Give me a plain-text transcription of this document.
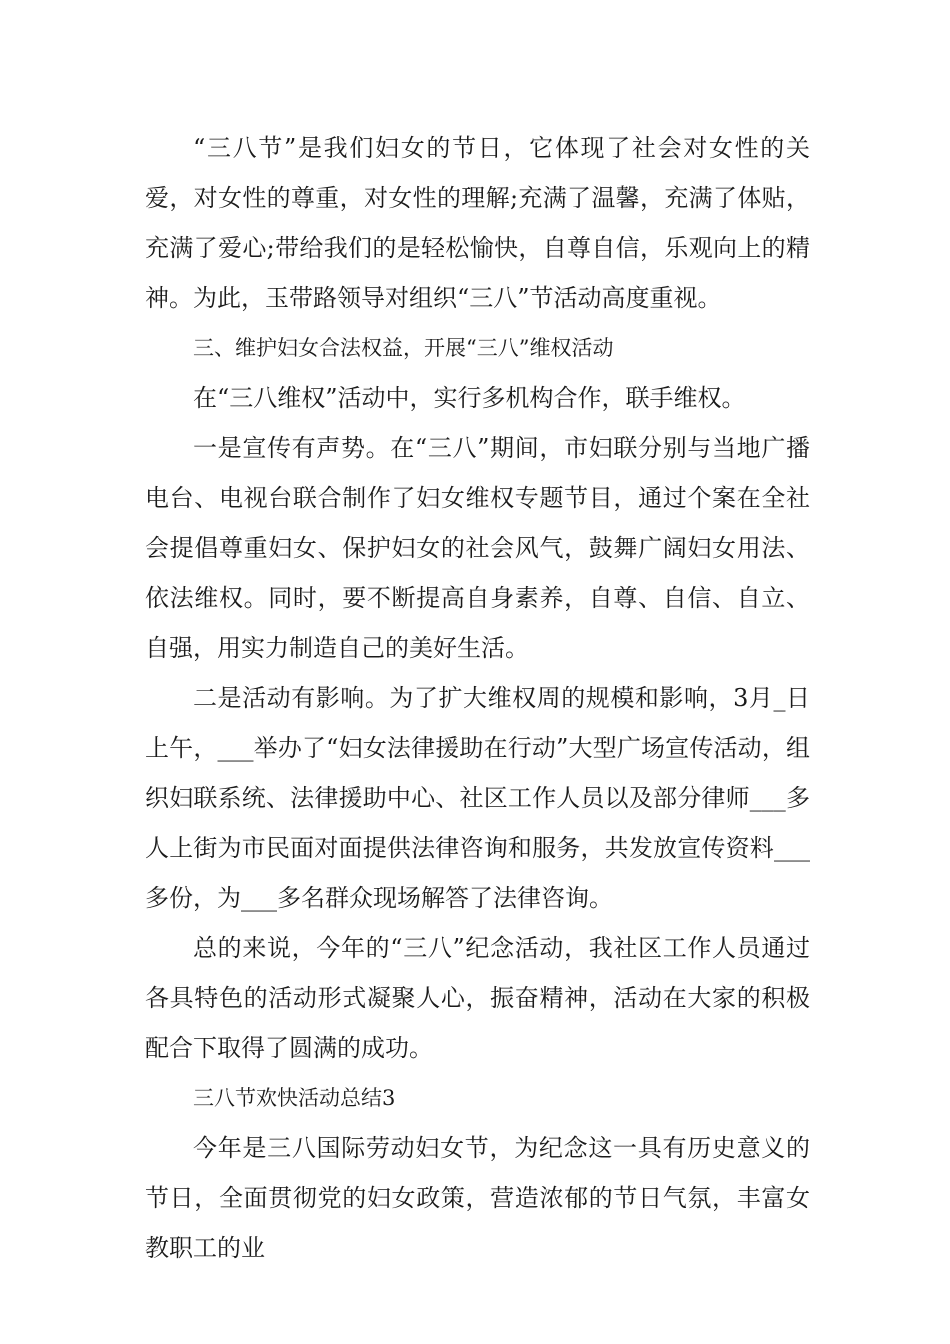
“三八节”是我们妇女的节日，它体现了社会对女性的关爱，对女性的尊重，对女性的理解;充满了温馨，充满了体贴，充满了爱心;带给我们的是轻松愉快，自尊自信，乐观向上的精神。为此，玉带路领导对组织“三八”节活动高度重视。

三、维护妇女合法权益，开展“三八”维权活动

在“三八维权”活动中，实行多机构合作，联手维权。

一是宣传有声势。在“三八”期间，市妇联分别与当地广播电台、电视台联合制作了妇女维权专题节目，通过个案在全社会提倡尊重妇女、保护妇女的社会风气，鼓舞广阔妇女用法、依法维权。同时，要不断提高自身素养，自尊、自信、自立、自强，用实力制造自己的美好生活。

二是活动有影响。为了扩大维权周的规模和影响，3月_日上午，___举办了“妇女法律援助在行动”大型广场宣传活动，组织妇联系统、法律援助中心、社区工作人员以及部分律师___多人上街为市民面对面提供法律咨询和服务，共发放宣传资料___多份，为___多名群众现场解答了法律咨询。

总的来说，今年的“三八”纪念活动，我社区工作人员通过各具特色的活动形式凝聚人心，振奋精神，活动在大家的积极配合下取得了圆满的成功。

三八节欢快活动总结3

今年是三八国际劳动妇女节，为纪念这一具有历史意义的节日，全面贯彻党的妇女政策，营造浓郁的节日气氛，丰富女教职工的业
